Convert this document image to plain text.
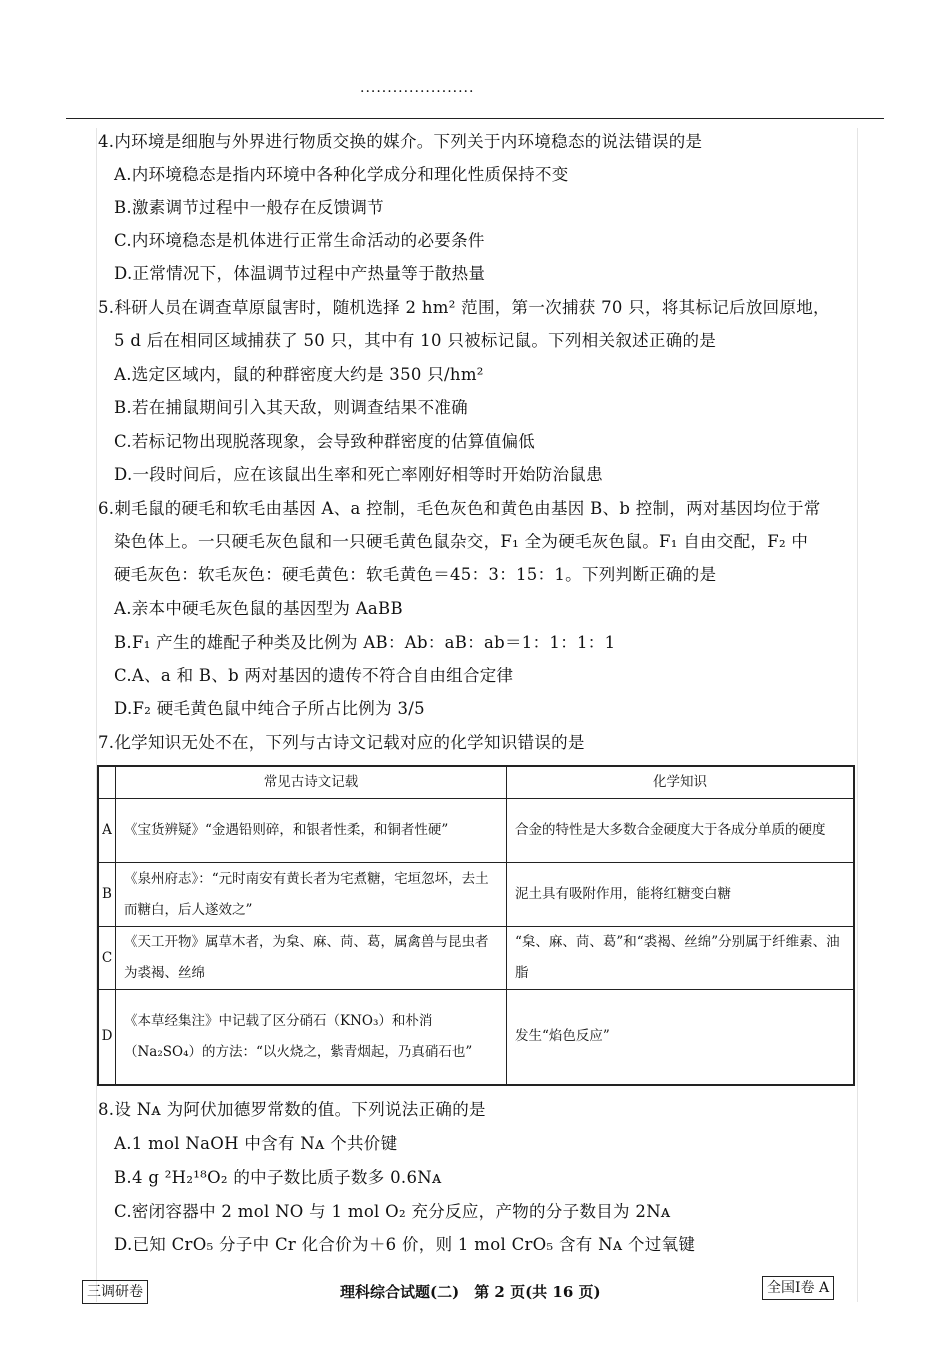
.....................
4.内环境是细胞与外界进行物质交换的媒介。下列关于内环境稳态的说法错误的是
A.内环境稳态是指内环境中各种化学成分和理化性质保持不变
B.激素调节过程中一般存在反馈调节
C.内环境稳态是机体进行正常生命活动的必要条件
D.正常情况下，体温调节过程中产热量等于散热量
5.科研人员在调查草原鼠害时，随机选择 2 hm² 范围，第一次捕获 70 只，将其标记后放回原地，
5 d 后在相同区域捕获了 50 只，其中有 10 只被标记鼠。下列相关叙述正确的是
A.选定区域内，鼠的种群密度大约是 350 只/hm²
B.若在捕鼠期间引入其天敌，则调查结果不准确
C.若标记物出现脱落现象，会导致种群密度的估算值偏低
D.一段时间后，应在该鼠出生率和死亡率刚好相等时开始防治鼠患
6.刺毛鼠的硬毛和软毛由基因 A、a 控制，毛色灰色和黄色由基因 B、b 控制，两对基因均位于常
染色体上。一只硬毛灰色鼠和一只硬毛黄色鼠杂交，F₁ 全为硬毛灰色鼠。F₁ 自由交配，F₂ 中
硬毛灰色：软毛灰色：硬毛黄色：软毛黄色＝45：3：15：1。下列判断正确的是
A.亲本中硬毛灰色鼠的基因型为 AaBB
B.F₁ 产生的雄配子种类及比例为 AB：Ab：aB：ab＝1：1：1：1
C.A、a 和 B、b 两对基因的遗传不符合自由组合定律
D.F₂ 硬毛黄色鼠中纯合子所占比例为 3/5
7.化学知识无处不在，下列与古诗文记载对应的化学知识错误的是
	常见古诗文记载	化学知识
A	《宝货辨疑》“金遇铅则碎，和银者性柔，和铜者性硬”	合金的特性是大多数合金硬度大于各成分单质的硬度
B	《泉州府志》：“元时南安有黄长者为宅煮糖，宅垣忽坏，去土而糖白，后人遂效之”	泥土具有吸附作用，能将红糖变白糖
C	《天工开物》属草木者，为枲、麻、苘、葛，属禽兽与昆虫者为裘褐、丝绵	“枲、麻、苘、葛”和“裘褐、丝绵”分别属于纤维素、油脂
D	《本草经集注》中记载了区分硝石（KNO₃）和朴消（Na₂SO₄）的方法：“以火烧之，紫青烟起，乃真硝石也”	发生“焰色反应”
8.设 Nᴀ 为阿伏加德罗常数的值。下列说法正确的是
A.1 mol NaOH 中含有 Nᴀ 个共价键
B.4 g ²H₂¹⁸O₂ 的中子数比质子数多 0.6Nᴀ
C.密闭容器中 2 mol NO 与 1 mol O₂ 充分反应，产物的分子数目为 2Nᴀ
D.已知 CrO₅ 分子中 Cr 化合价为＋6 价，则 1 mol CrO₅ 含有 Nᴀ 个过氧键
三调研卷	理科综合试题(二)　第 2 页(共 16 页)	全国Ⅰ卷 A
